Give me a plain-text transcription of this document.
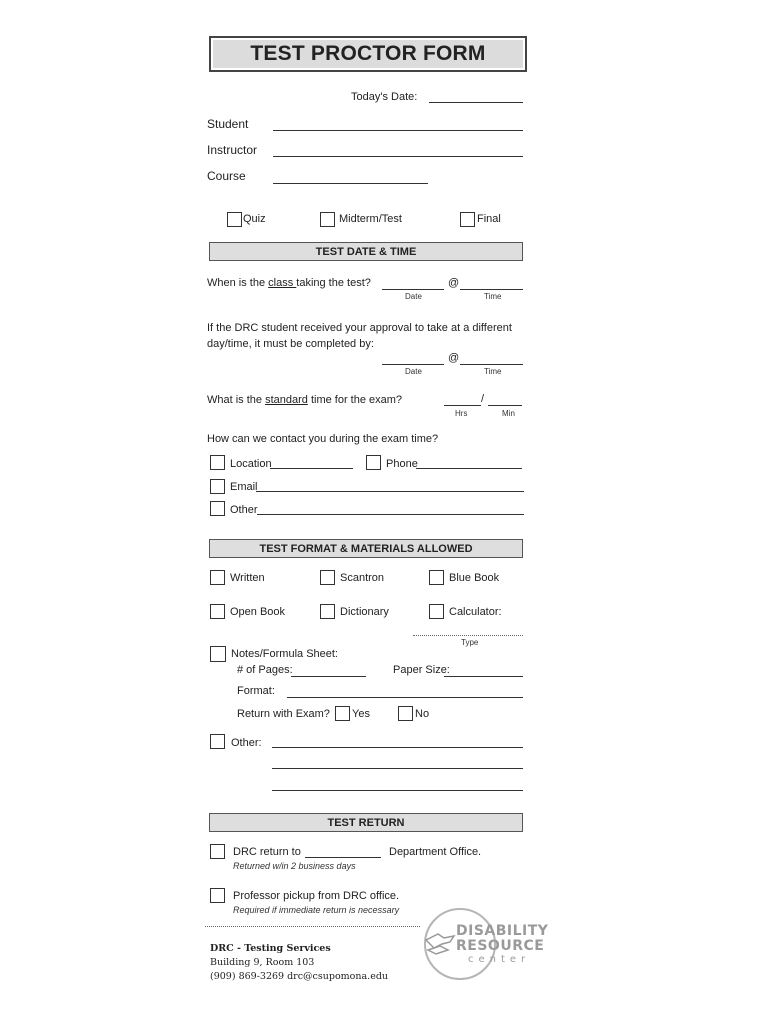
TEST PROCTOR FORM
Today's Date:
Student
Instructor
Course
Quiz	Midterm/Test	Final
TEST DATE & TIME
When is the class taking the test?	@
Date	Time
If the DRC student received your approval to take at a different
day/time, it must be completed by:
@
Date	Time
What is the standard time for the exam?	/
Hrs	Min
How can we contact you during the exam time?
Location	Phone
Email
Other
TEST FORMAT & MATERIALS ALLOWED
Written	Scantron	Blue Book
Open Book	Dictionary	Calculator:
Type
Notes/Formula Sheet:
# of Pages:	Paper Size:
Format:
Return with Exam? Yes	No
Other:
TEST RETURN
DRC return to	Department Office.
Returned w/in 2 business days
Professor pickup from DRC office.
Required if immediate return is necessary
DRC - Testing Services
Building 9, Room 103
(909) 869-3269 drc@csupomona.edu
DISABILITY
RESOURCE
center
